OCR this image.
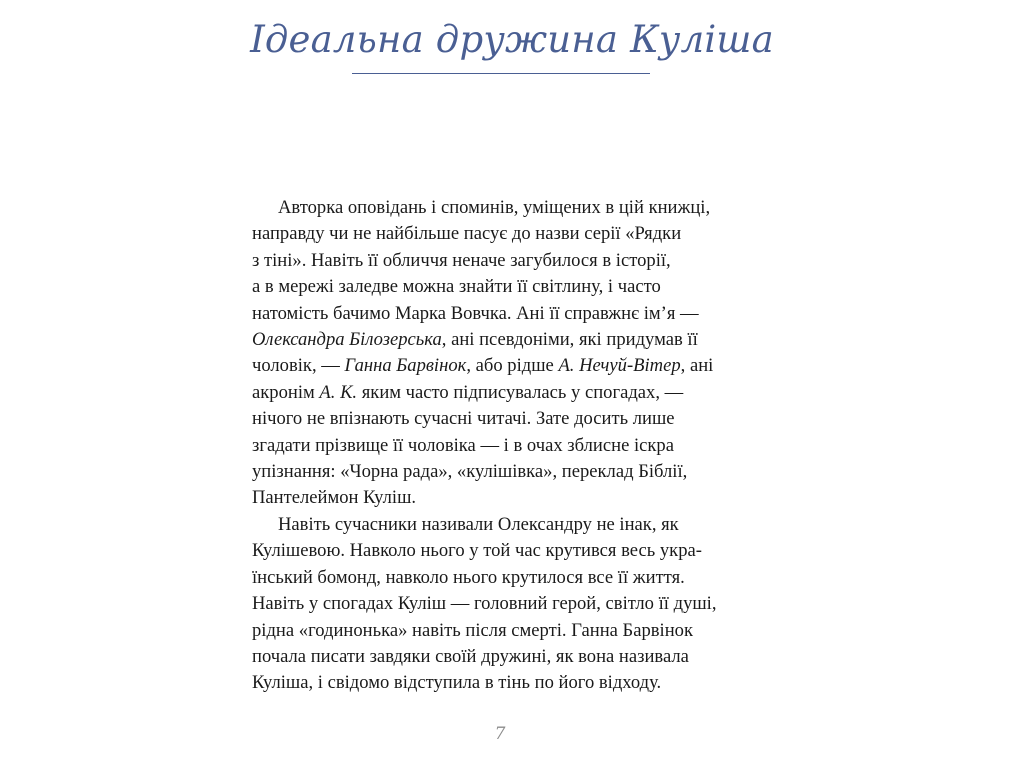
Ідеальна дружина Куліша
Авторка оповідань і споминів, уміщених в цій книжці,
направду чи не найбільше пасує до назви серії «Рядки
з тіні». Навіть її обличчя неначе загубилося в історії,
а в мережі заледве можна знайти її світлину, і часто
натомість бачимо Марка Вовчка. Ані її справжнє ім’я —
Олександра Білозерська, ані псевдоніми, які придумав її
чоловік, — Ганна Барвінок, або рідше А. Нечуй-Вітер, ані
акронім А. К. яким часто підписувалась у спогадах, —
нічого не впізнають сучасні читачі. Зате досить лише
згадати прізвище її чоловіка — і в очах зблисне іскра
упізнання: «Чорна рада», «кулішівка», переклад Біблії,
Пантелеймон Куліш.
Навіть сучасники називали Олександру не інак, як
Кулішевою. Навколо нього у той час крутився весь укра-
їнський бомонд, навколо нього крутилося все її життя.
Навіть у спогадах Куліш — головний герой, світло її душі,
рідна «годинонька» навіть після смерті. Ганна Барвінок
почала писати завдяки своїй дружині, як вона називала
Куліша, і свідомо відступила в тінь по його відходу.
7
